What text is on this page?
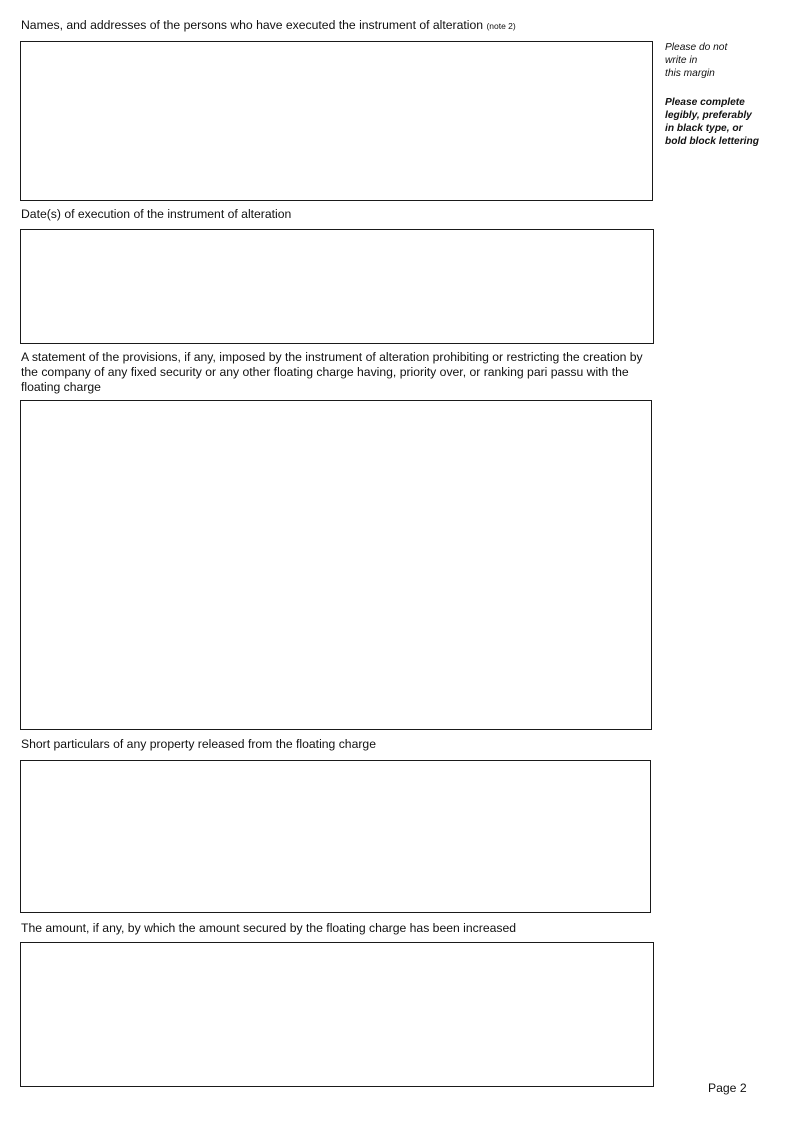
Names, and addresses of the persons who have executed the instrument of alteration (note 2)
Date(s) of execution of the instrument of alteration
A statement of the provisions, if any, imposed by the instrument of alteration prohibiting or restricting the creation by the company of any fixed security or any other floating charge having, priority over, or ranking pari passu with the floating charge
Short particulars of any property released from the floating charge
The amount, if any, by which the amount secured by the floating charge has been increased
Please do not
write in
this margin
Please complete
legibly, preferably
in black type, or
bold block lettering
Page 2
